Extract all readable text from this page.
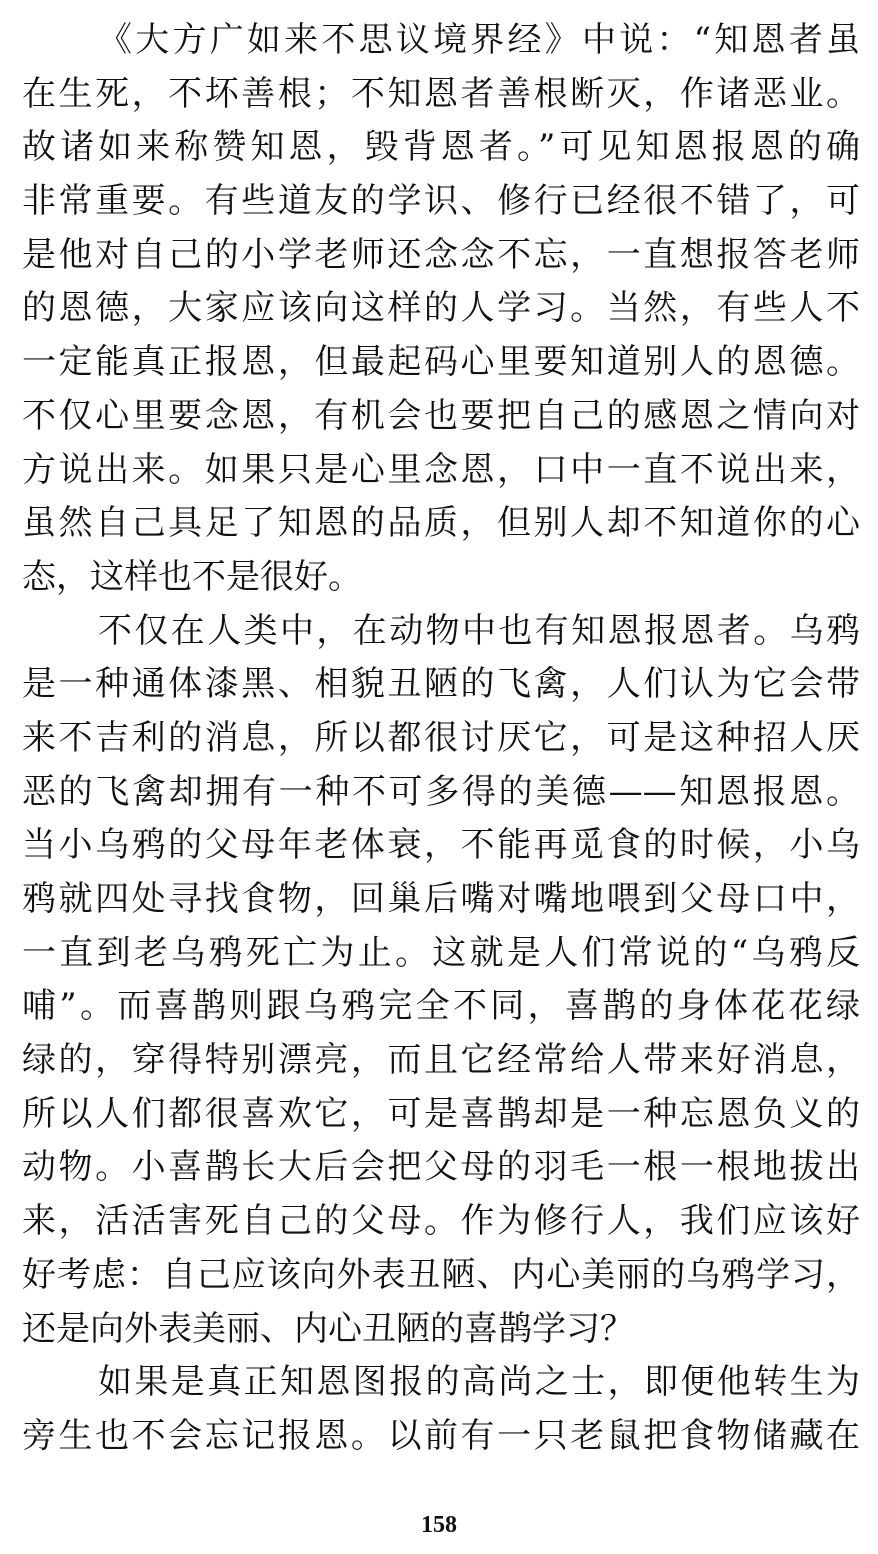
《大方广如来不思议境界经》中说：“知恩者虽
在生死，不坏善根；不知恩者善根断灭，作诸恶业。
故诸如来称赞知恩，毁背恩者。”可见知恩报恩的确
非常重要。有些道友的学识、修行已经很不错了，可
是他对自己的小学老师还念念不忘，一直想报答老师
的恩德，大家应该向这样的人学习。当然，有些人不
一定能真正报恩，但最起码心里要知道别人的恩德。
不仅心里要念恩，有机会也要把自己的感恩之情向对
方说出来。如果只是心里念恩，口中一直不说出来，
虽然自己具足了知恩的品质，但别人却不知道你的心
态，这样也不是很好。
不仅在人类中，在动物中也有知恩报恩者。乌鸦
是一种通体漆黑、相貌丑陋的飞禽，人们认为它会带
来不吉利的消息，所以都很讨厌它，可是这种招人厌
恶的飞禽却拥有一种不可多得的美德——知恩报恩。
当小乌鸦的父母年老体衰，不能再觅食的时候，小乌
鸦就四处寻找食物，回巢后嘴对嘴地喂到父母口中，
一直到老乌鸦死亡为止。这就是人们常说的“乌鸦反
哺”。而喜鹊则跟乌鸦完全不同，喜鹊的身体花花绿
绿的，穿得特别漂亮，而且它经常给人带来好消息，
所以人们都很喜欢它，可是喜鹊却是一种忘恩负义的
动物。小喜鹊长大后会把父母的羽毛一根一根地拔出
来，活活害死自己的父母。作为修行人，我们应该好
好考虑：自己应该向外表丑陋、内心美丽的乌鸦学习，
还是向外表美丽、内心丑陋的喜鹊学习？
如果是真正知恩图报的高尚之士，即便他转生为
旁生也不会忘记报恩。以前有一只老鼠把食物储藏在
158
